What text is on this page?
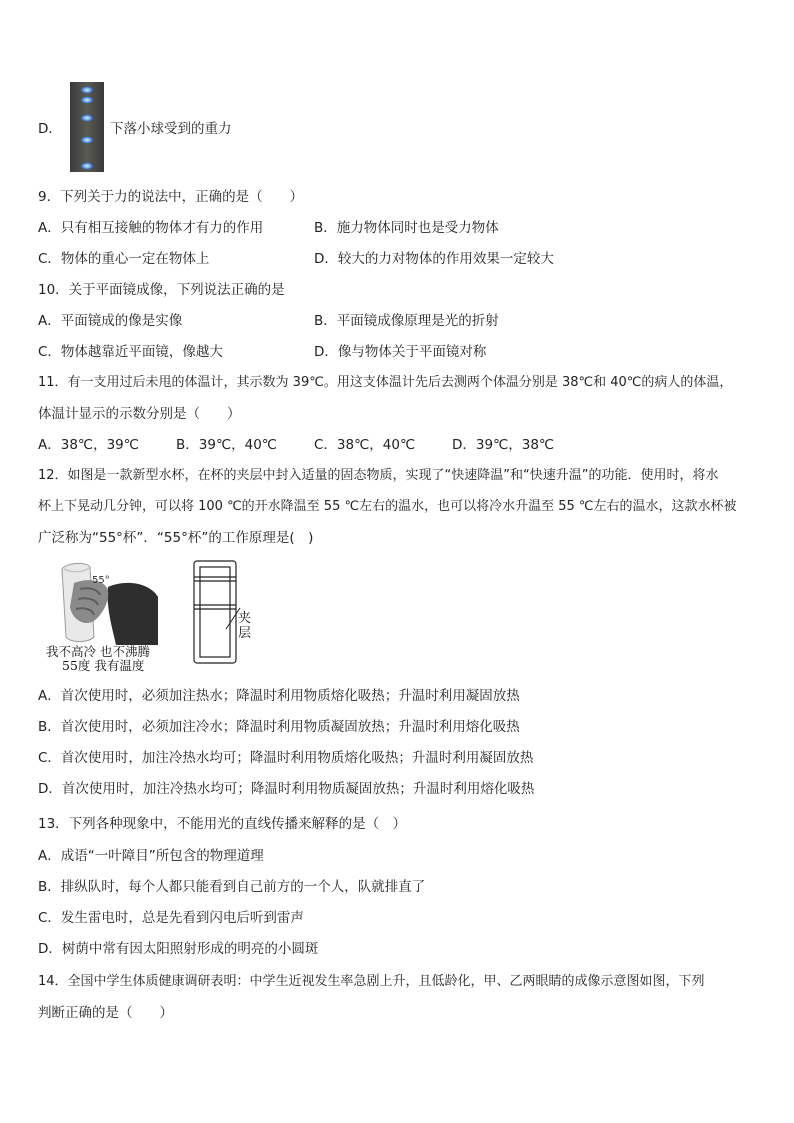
D．	下落小球受到的重力
9．下列关于力的说法中，正确的是（　　）
A．只有相互接触的物体才有力的作用	B．施力物体同时也是受力物体
C．物体的重心一定在物体上	D．较大的力对物体的作用效果一定较大
10．关于平面镜成像，下列说法正确的是
A．平面镜成的像是实像	B．平面镜成像原理是光的折射
C．物体越靠近平面镜，像越大	D．像与物体关于平面镜对称
11．有一支用过后未甩的体温计，其示数为 39℃。用这支体温计先后去测两个体温分别是 38℃和 40℃的病人的体温，
体温计显示的示数分别是（　　）
A．38℃，39℃	B．39℃，40℃	C．38℃，40℃	D．39℃，38℃
12．如图是一款新型水杯，在杯的夹层中封入适量的固态物质，实现了“快速降温”和“快速升温”的功能．使用时，将水
杯上下晃动几分钟，可以将 100 ℃的开水降温至 55 ℃左右的温水，也可以将冷水升温至 55 ℃左右的温水，这款水杯被
广泛称为“55°杯”．“55°杯”的工作原理是(　)
55°
我不高冷 也不沸腾
55度 我有温度
夹
层
A．首次使用时，必须加注热水；降温时利用物质熔化吸热；升温时利用凝固放热
B．首次使用时，必须加注冷水；降温时利用物质凝固放热；升温时利用熔化吸热
C．首次使用时，加注冷热水均可；降温时利用物质熔化吸热；升温时利用凝固放热
D．首次使用时，加注冷热水均可；降温时利用物质凝固放热；升温时利用熔化吸热
13．下列各种现象中，不能用光的直线传播来解释的是（　）
A．成语“一叶障目”所包含的物理道理
B．排纵队时，每个人都只能看到自己前方的一个人，队就排直了
C．发生雷电时，总是先看到闪电后听到雷声
D．树荫中常有因太阳照射形成的明亮的小圆斑
14．全国中学生体质健康调研表明：中学生近视发生率急剧上升，且低龄化，甲、乙两眼睛的成像示意图如图，下列
判断正确的是（　　）
